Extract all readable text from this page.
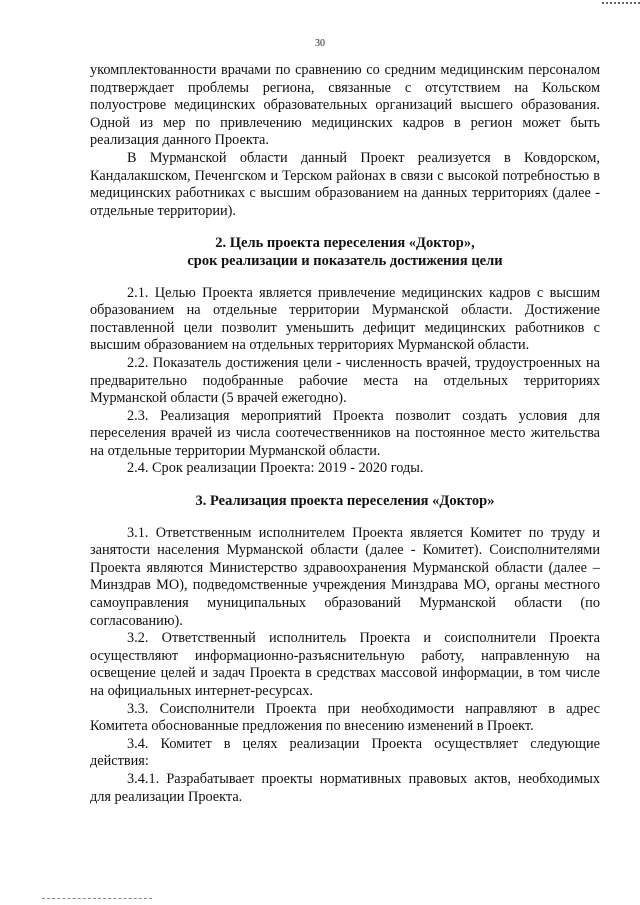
30

укомплектованности врачами по сравнению со средним медицинским персоналом подтверждает проблемы региона, связанные с отсутствием на Кольском полуострове медицинских образовательных организаций высшего образования. Одной из мер по привлечению медицинских кадров в регион может быть реализация данного Проекта.

В Мурманской области данный Проект реализуется в Ковдорском, Кандалакшском, Печенгском и Терском районах в связи с высокой потребностью в медицинских работниках с высшим образованием на данных территориях (далее - отдельные территории).

2. Цель проекта переселения «Доктор»,

срок реализации и показатель достижения цели

2.1. Целью Проекта является привлечение медицинских кадров с высшим образованием на отдельные территории Мурманской области. Достижение поставленной цели позволит уменьшить дефицит медицинских работников с высшим образованием на отдельных территориях Мурманской области.

2.2. Показатель достижения цели - численность врачей, трудоустроенных на предварительно подобранные рабочие места на отдельных территориях Мурманской области (5 врачей ежегодно).

2.3. Реализация мероприятий Проекта позволит создать условия для переселения врачей из числа соотечественников на постоянное место жительства на отдельные территории Мурманской области.

2.4. Срок реализации Проекта: 2019 - 2020 годы.

3. Реализация проекта переселения «Доктор»

3.1. Ответственным исполнителем Проекта является Комитет по труду и занятости населения Мурманской области (далее - Комитет). Соисполнителями Проекта являются Министерство здравоохранения Мурманской области (далее – Минздрав МО), подведомственные учреждения Минздрава МО, органы местного самоуправления муниципальных образований Мурманской области (по согласованию).

3.2. Ответственный исполнитель Проекта и соисполнители Проекта осуществляют информационно-разъяснительную работу, направленную на освещение целей и задач Проекта в средствах массовой информации, в том числе на официальных интернет-ресурсах.

3.3. Соисполнители Проекта при необходимости направляют в адрес Комитета обоснованные предложения по внесению изменений в Проект.

3.4. Комитет в целях реализации Проекта осуществляет следующие действия:

3.4.1. Разрабатывает проекты нормативных правовых актов, необходимых для реализации Проекта.
